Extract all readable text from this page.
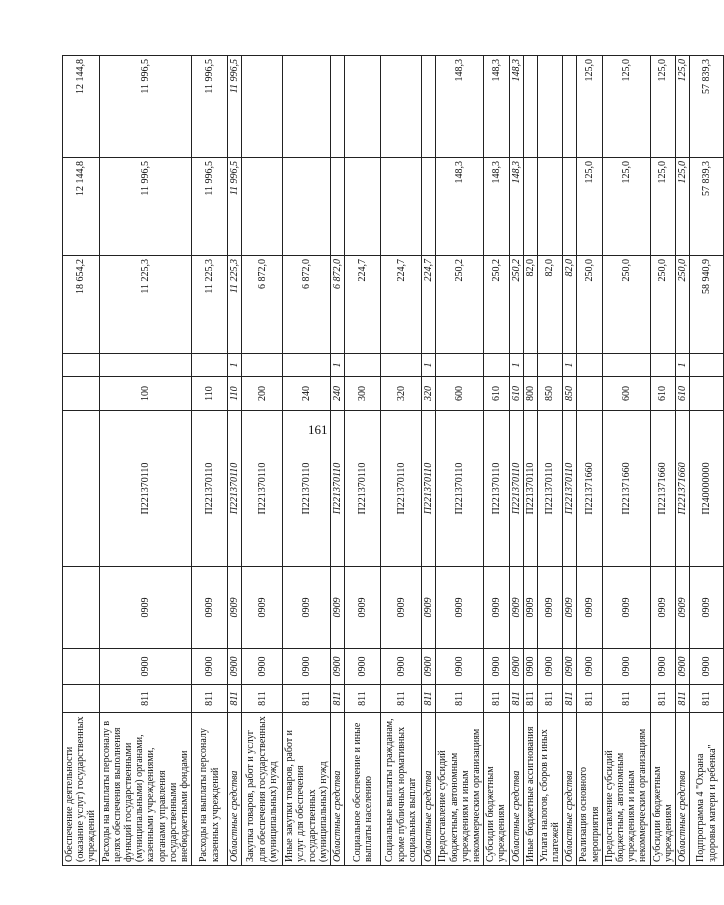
161
Обеспечение деятельности (оказание услуг) государственных учреждений							18 654,2	12 144,8	12 144,8
Расходы на выплаты персоналу в целях обеспечения выполнения функций государственными (муниципальными) органами, казенными учреждениями, органами управления государственными внебюджетными фондами	811	0900	0909	П221370110	100		11 225,3	11 996,5	11 996,5
Расходы на выплаты персоналу казенных учреждений	811	0900	0909	П221370110	110		11 225,3	11 996,5	11 996,5
Областные средства	811	0900	0909	П221370110	110	1	11 225,3	11 996,5	11 996,5
Закупка товаров, работ и услуг для обеспечения государственных (муниципальных) нужд	811	0900	0909	П221370110	200		6 872,0		
Иные закупки товаров, работ и услуг для обеспечения государственных (муниципальных) нужд	811	0900	0909	П221370110	240		6 872,0		
Областные средства	811	0900	0909	П221370110	240	1	6 872,0		
Социальное обеспечение и иные выплаты населению	811	0900	0909	П221370110	300		224,7		
Социальные выплаты гражданам, кроме публичных нормативных социальных выплат	811	0900	0909	П221370110	320		224,7		
Областные средства	811	0900	0909	П221370110	320	1	224,7		
Предоставление субсидий бюджетным, автономным учреждениям и иным некоммерческим организациям	811	0900	0909	П221370110	600		250,2	148,3	148,3
Субсидии бюджетным учреждениям	811	0900	0909	П221370110	610		250,2	148,3	148,3
Областные средства	811	0900	0909	П221370110	610	1	250,2	148,3	148,3
Иные бюджетные ассигнования	811	0900	0909	П221370110	800		82,0		
Уплата налогов, сборов и иных платежей	811	0900	0909	П221370110	850		82,0		
Областные средства	811	0900	0909	П221370110	850	1	82,0		
Реализация основного мероприятия	811	0900	0909	П221371660			250,0	125,0	125,0
Предоставление субсидий бюджетным, автономным учреждениям и иным некоммерческим организациям	811	0900	0909	П221371660	600		250,0	125,0	125,0
Субсидии бюджетным учреждениям	811	0900	0909	П221371660	610		250,0	125,0	125,0
Областные средства	811	0900	0909	П221371660	610	1	250,0	125,0	125,0
Подпрограмма 4 "Охрана здоровья матери и ребенка"	811	0900	0909	П240000000			58 940,9	57 839,3	57 839,3
